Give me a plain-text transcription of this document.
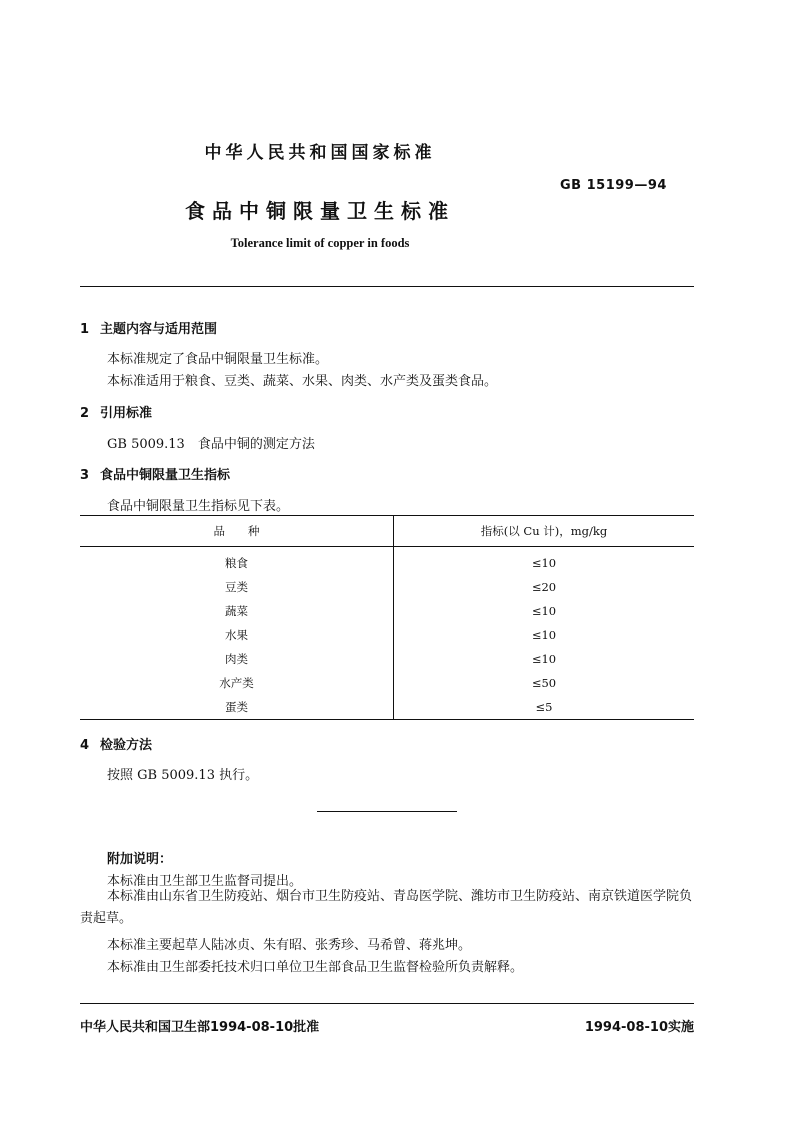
中华人民共和国国家标准
GB 15199—94
食品中铜限量卫生标准
Tolerance limit of copper in foods
1 主题内容与适用范围
本标准规定了食品中铜限量卫生标准。
本标准适用于粮食、豆类、蔬菜、水果、肉类、水产类及蛋类食品。
2 引用标准
GB 5009.13　食品中铜的测定方法
3 食品中铜限量卫生指标
食品中铜限量卫生指标见下表。
品　　种	指标(以 Cu 计)，mg/kg
粮食	≤10
豆类	≤20
蔬菜	≤10
水果	≤10
肉类	≤10
水产类	≤50
蛋类	≤5
4 检验方法
按照 GB 5009.13 执行。
附加说明：
本标准由卫生部卫生监督司提出。
本标准由山东省卫生防疫站、烟台市卫生防疫站、青岛医学院、潍坊市卫生防疫站、南京铁道医学院负责起草。
本标准主要起草人陆冰贞、朱有昭、张秀珍、马希曾、蒋兆坤。
本标准由卫生部委托技术归口单位卫生部食品卫生监督检验所负责解释。
中华人民共和国卫生部1994-08-10批准	1994-08-10实施
